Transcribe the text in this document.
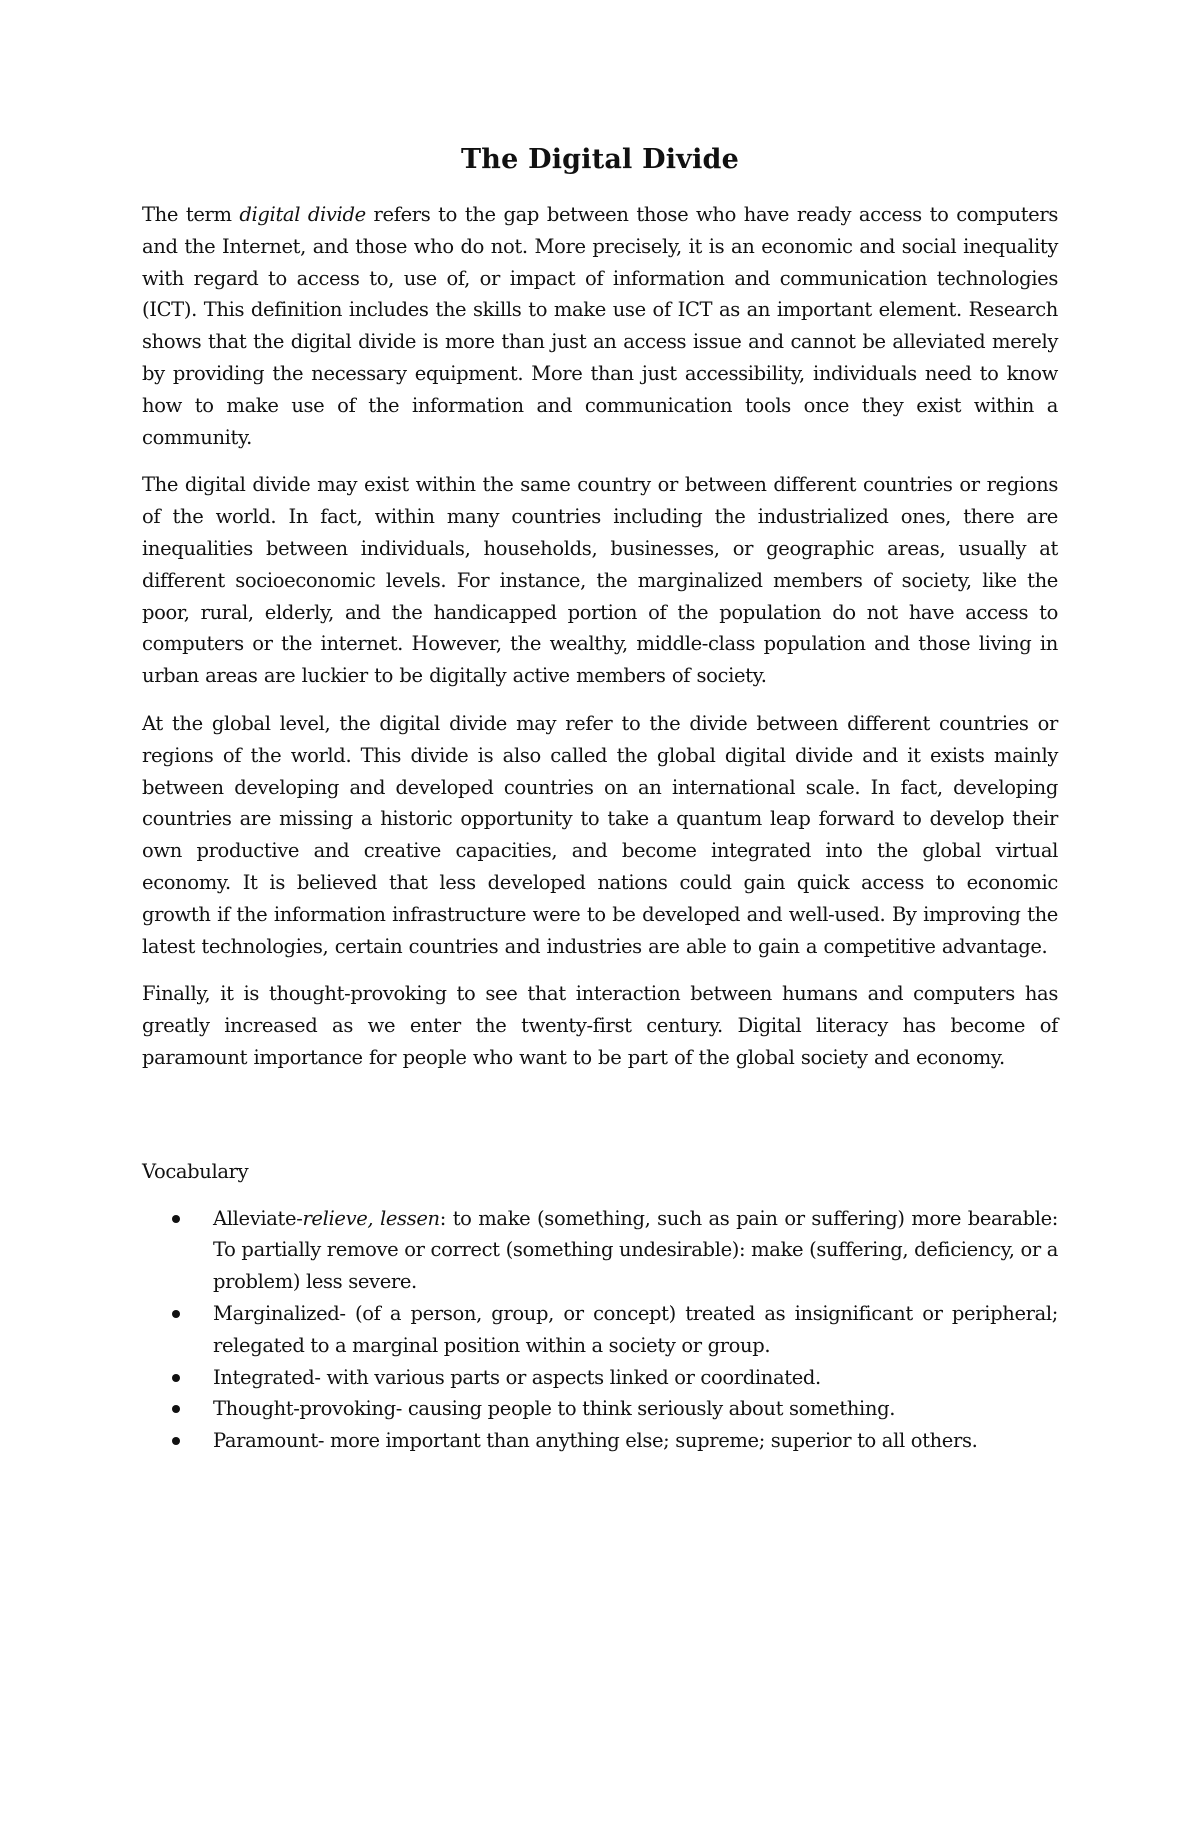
The Digital Divide

The term digital divide refers to the gap between those who have ready access to computers and the Internet, and those who do not. More precisely, it is an economic and social inequality with regard to access to, use of, or impact of information and communication technologies (ICT). This definition includes the skills to make use of ICT as an important element. Research shows that the digital divide is more than just an access issue and cannot be alleviated merely by providing the necessary equipment. More than just accessibility, individuals need to know how to make use of the information and communication tools once they exist within a community.

The digital divide may exist within the same country or between different countries or regions of the world. In fact, within many countries including the industrialized ones, there are inequalities between individuals, households, businesses, or geographic areas, usually at different socioeconomic levels. For instance, the marginalized members of society, like the poor, rural, elderly, and the handicapped portion of the population do not have access to computers or the internet. However, the wealthy, middle-class population and those living in urban areas are luckier to be digitally active members of society.

At the global level, the digital divide may refer to the divide between different countries or regions of the world. This divide is also called the global digital divide and it exists mainly between developing and developed countries on an international scale. In fact, developing countries are missing a historic opportunity to take a quantum leap forward to develop their own productive and creative capacities, and become integrated into the global virtual economy. It is believed that less developed nations could gain quick access to economic growth if the information infrastructure were to be developed and well-used. By improving the latest technologies, certain countries and industries are able to gain a competitive advantage.

Finally, it is thought-provoking to see that interaction between humans and computers has greatly increased as we enter the twenty-first century. Digital literacy has become of paramount importance for people who want to be part of the global society and economy.

Vocabulary
Alleviate-relieve, lessen: to make (something, such as pain or suffering) more bearable: To partially remove or correct (something undesirable): make (suffering, deficiency, or a problem) less severe.
Marginalized- (of a person, group, or concept) treated as insignificant or peripheral; relegated to a marginal position within a society or group.
Integrated- with various parts or aspects linked or coordinated.
Thought-provoking- causing people to think seriously about something.
Paramount- more important than anything else; supreme; superior to all others.
